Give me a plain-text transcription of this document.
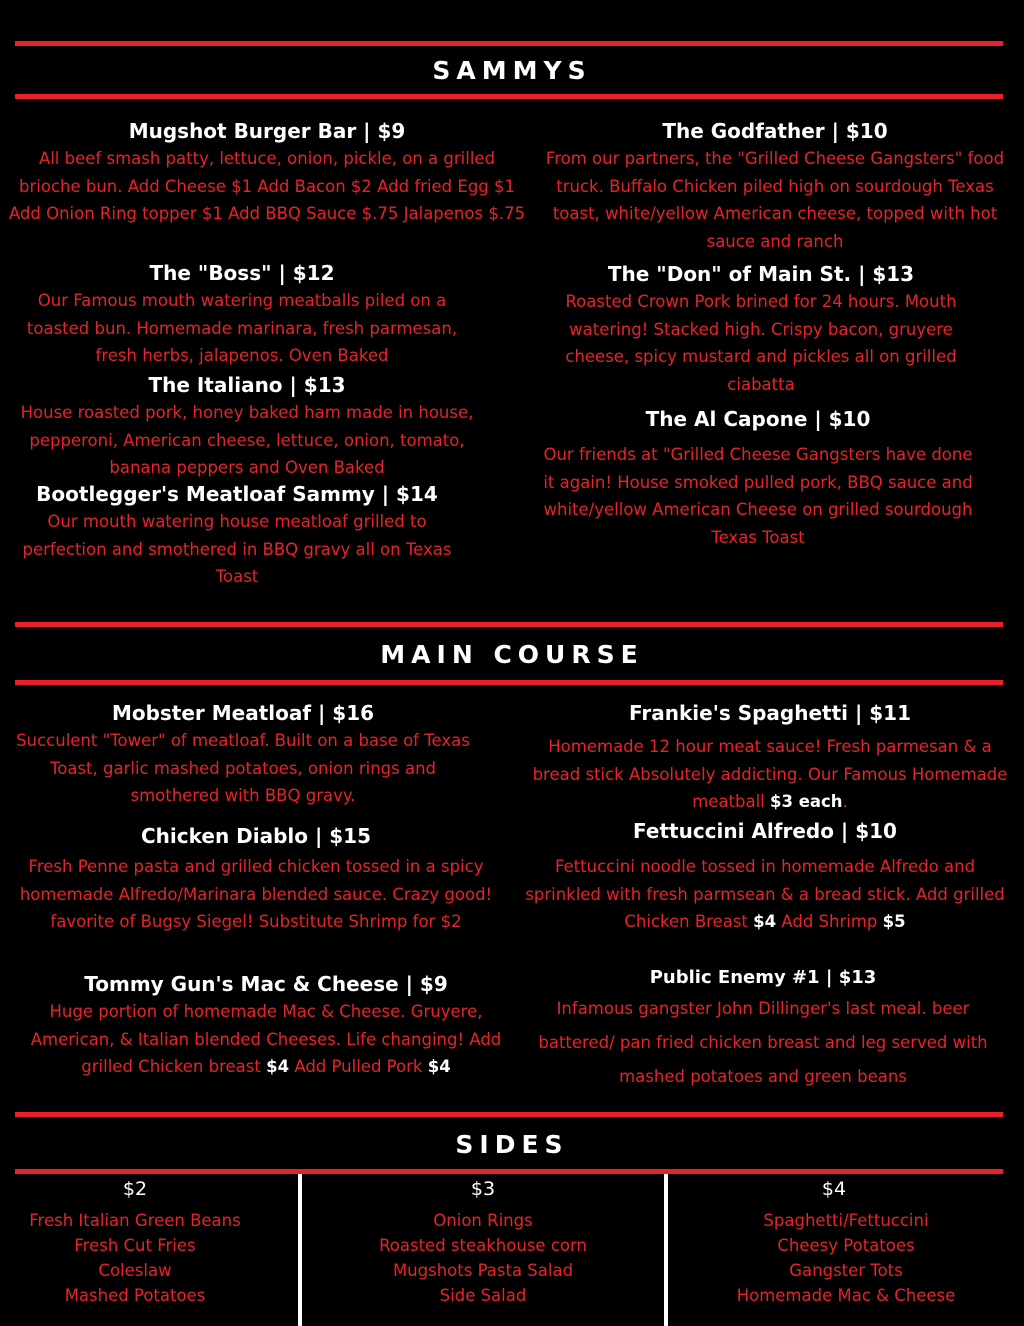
SAMMYS
Mugshot Burger Bar | $9
All beef smash patty, lettuce, onion, pickle, on a grilled brioche bun. Add Cheese $1 Add Bacon $2 Add fried Egg $1 Add Onion Ring topper $1 Add BBQ Sauce $.75 Jalapenos $.75
The "Boss" | $12
Our Famous mouth watering meatballs piled on a toasted bun. Homemade marinara, fresh parmesan, fresh herbs, jalapenos. Oven Baked
The Italiano | $13
House roasted pork, honey baked ham made in house, pepperoni, American cheese, lettuce, onion, tomato, banana peppers and Oven Baked
Bootlegger's Meatloaf Sammy | $14
Our mouth watering house meatloaf grilled to perfection and smothered in BBQ gravy all on Texas Toast
The Godfather | $10
From our partners, the "Grilled Cheese Gangsters" food truck. Buffalo Chicken piled high on sourdough Texas toast, white/yellow American cheese, topped with hot sauce and ranch
The "Don" of Main St. | $13
Roasted Crown Pork brined for 24 hours. Mouth watering! Stacked high. Crispy bacon, gruyere cheese, spicy mustard and pickles all on grilled ciabatta
The Al Capone | $10
Our friends at "Grilled Cheese Gangsters have done it again! House smoked pulled pork, BBQ sauce and white/yellow American Cheese on grilled sourdough Texas Toast
MAIN COURSE
Mobster Meatloaf | $16
Succulent "Tower" of meatloaf. Built on a base of Texas Toast, garlic mashed potatoes, onion rings and smothered with BBQ gravy.
Chicken Diablo | $15
Fresh Penne pasta and grilled chicken tossed in a spicy homemade Alfredo/Marinara blended sauce. Crazy good! favorite of Bugsy Siegel! Substitute Shrimp for $2
Tommy Gun's Mac & Cheese | $9
Huge portion of homemade Mac & Cheese. Gruyere, American, & Italian blended Cheeses. Life changing! Add grilled Chicken breast $4 Add Pulled Pork $4
Frankie's Spaghetti | $11
Homemade 12 hour meat sauce! Fresh parmesan & a bread stick Absolutely addicting. Our Famous Homemade meatball $3 each.
Fettuccini Alfredo | $10
Fettuccini noodle tossed in homemade Alfredo and sprinkled with fresh parmsean & a bread stick. Add grilled Chicken Breast $4 Add Shrimp $5
Public Enemy #1 | $13
Infamous gangster John Dillinger's last meal. beer battered/ pan fried chicken breast and leg served with mashed potatoes and green beans
SIDES
$2
Fresh Italian Green Beans
Fresh Cut Fries
Coleslaw
Mashed Potatoes
$3
Onion Rings
Roasted steakhouse corn
Mugshots Pasta Salad
Side Salad
$4
Spaghetti/Fettuccini
Cheesy Potatoes
Gangster Tots
Homemade Mac & Cheese
